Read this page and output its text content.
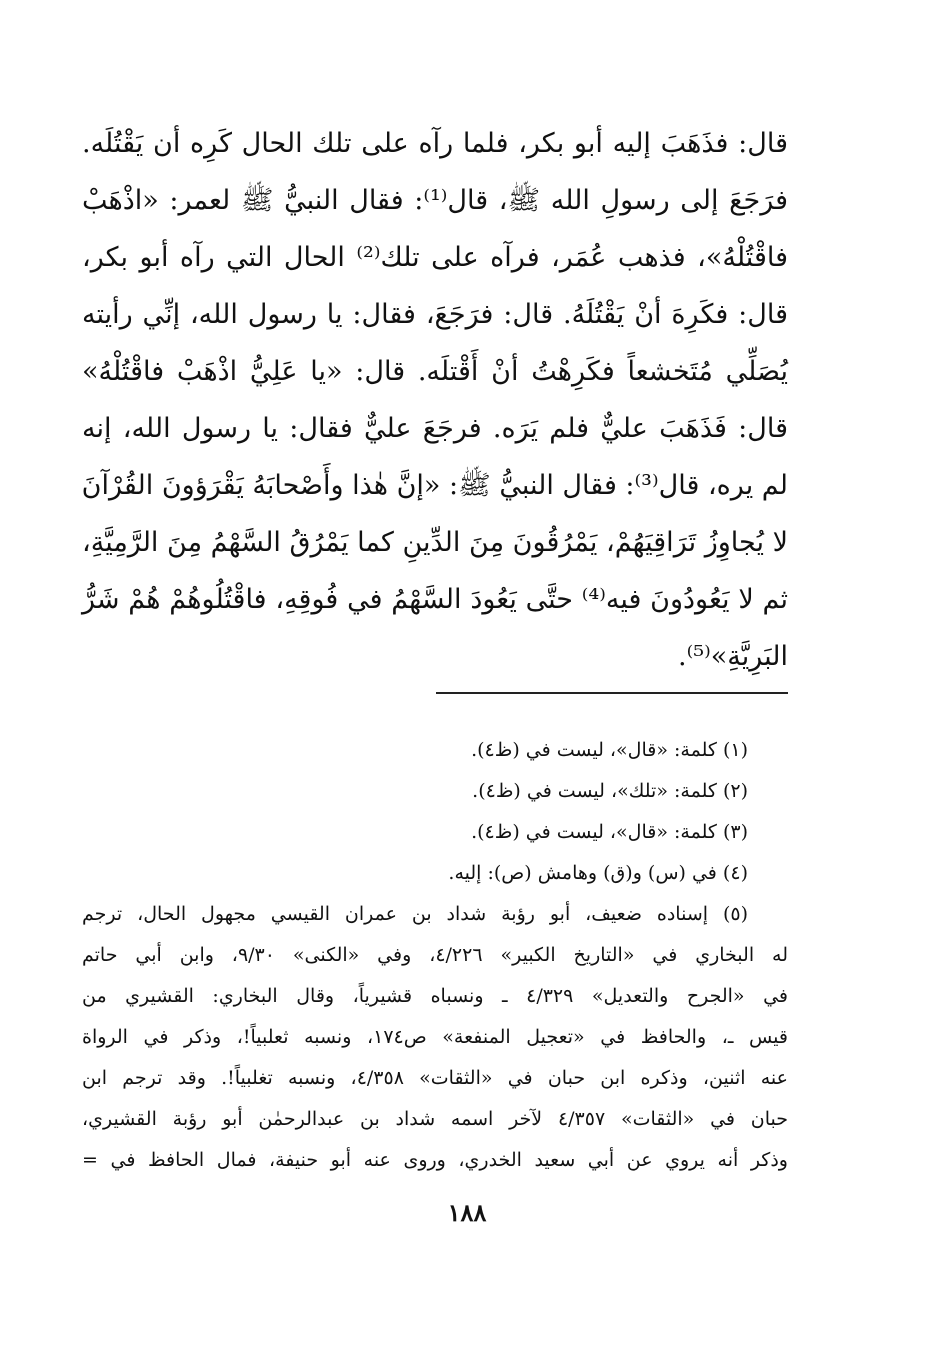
قال: فذَهَبَ إليه أبو بكر، فلما رآه على تلك الحال كَرِه أن يَقْتُلَه.
فرَجَعَ إلى رسولِ الله ﷺ، قال⁽¹⁾: فقال النبيُّ ﷺ لعمر: «اذْهَبْ
فاقْتُلْهُ»، فذهب عُمَر، فرآه على تلك⁽²⁾ الحال التي رآه أبو بكر،
قال: فكَرِهَ أنْ يَقْتُلَهُ. قال: فرَجَعَ، فقال: يا رسول الله، إنِّي رأيته
يُصَلِّي مُتَخشعاً فكَرِهْتُ أنْ أَقْتلَه. قال: «يا عَلِيُّ اذْهَبْ فاقْتُلْهُ»
قال: فَذَهَبَ عليٌّ فلم يَرَه. فرجَعَ عليٌّ فقال: يا رسول الله، إنه
لم يره، قال⁽³⁾: فقال النبيُّ ﷺ: «إنَّ هٰذا وأَصْحابَهُ يَقْرَؤونَ القُرْآنَ
لا يُجاوِزُ تَرَاقِيَهُمْ، يَمْرُقُونَ مِنَ الدِّينِ كما يَمْرُقُ السَّهْمُ مِنَ الرَّمِيَّةِ،
ثم لا يَعُودُونَ فيه⁽⁴⁾ حتَّى يَعُودَ السَّهْمُ في فُوقِهِ، فاقْتُلُوهُمْ هُمْ شَرُّ
البَرِيَّةِ»⁽⁵⁾.
(١) كلمة: «قال»، ليست في (ظ٤).
(٢) كلمة: «تلك»، ليست في (ظ٤).
(٣) كلمة: «قال»، ليست في (ظ٤).
(٤) في (س) و(ق) وهامش (ص): إليه.
(٥) إسناده ضعيف، أبو رؤبة شداد بن عمران القيسي مجهول الحال، ترجم
له البخاري في «التاريخ الكبير» ٤/٢٢٦، وفي «الكنى» ٩/٣٠، وابن أبي حاتم
في «الجرح والتعديل» ٤/٣٢٩ ـ ونسباه قشيرياً، وقال البخاري: القشيري من
قيس ـ، والحافظ في «تعجيل المنفعة» ص١٧٤، ونسبه ثعلبياً!، وذكر في الرواة
عنه اثنين، وذكره ابن حبان في «الثقات» ٤/٣٥٨، ونسبه تغلبياً!. وقد ترجم ابن
حبان في «الثقات» ٤/٣٥٧ لآخر اسمه شداد بن عبدالرحمٰن أبو رؤبة القشيري،
وذكر أنه يروي عن أبي سعيد الخدري، وروى عنه أبو حنيفة، فمال الحافظ في =
١٨٨
